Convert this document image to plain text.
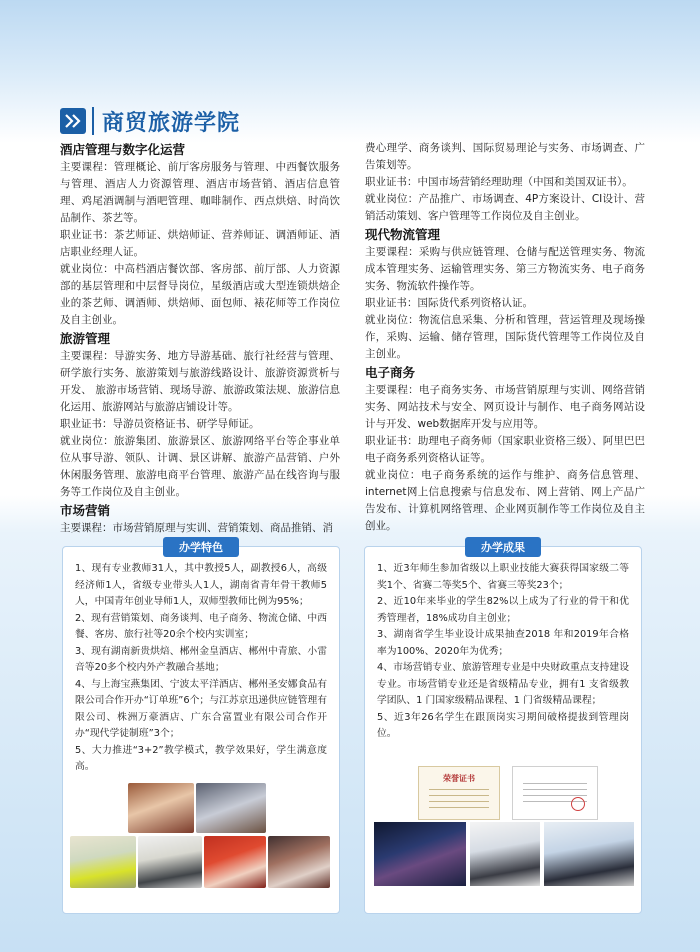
商贸旅游学院
酒店管理与数字化运营

主要课程：管理概论、前厅客房服务与管理、中西餐饮服务与管理、酒店人力资源管理、酒店市场营销、酒店信息管理、鸡尾酒调制与酒吧管理、咖啡制作、西点烘焙、时尚饮品制作、茶艺等。

职业证书：茶艺师证、烘焙师证、营养师证、调酒师证、酒店职业经理人证。

就业岗位：中高档酒店餐饮部、客房部、前厅部、人力资源部的基层管理和中层督导岗位，星级酒店或大型连锁烘焙企业的茶艺师、调酒师、烘焙师、面包师、裱花师等工作岗位及自主创业。

旅游管理

主要课程：导游实务、地方导游基础、旅行社经营与管理、研学旅行实务、旅游策划与旅游线路设计、旅游资源赏析与开发、 旅游市场营销、现场导游、旅游政策法规、旅游信息化运用、旅游网站与旅游店铺设计等。

职业证书：导游员资格证书、研学导师证。

就业岗位：旅游集团、旅游景区、旅游网络平台等企事业单位从事导游、领队、计调、景区讲解、旅游产品营销、户外休闲服务管理、旅游电商平台管理、旅游产品在线咨询与服务等工作岗位及自主创业。

市场营销

主要课程：市场营销原理与实训、营销策划、商品推销、消

费心理学、商务谈判、国际贸易理论与实务、市场调查、广告策划等。

职业证书：中国市场营销经理助理（中国和美国双证书）。

就业岗位：产品推广、市场调查、4P方案设计、CI设计、营销活动策划、客户管理等工作岗位及自主创业。

现代物流管理

主要课程：采购与供应链管理、仓储与配送管理实务、物流成本管理实务、运输管理实务、第三方物流实务、电子商务实务、物流软件操作等。

职业证书：国际货代系列资格认证。

就业岗位：物流信息采集、分析和管理，营运管理及现场操作，采购、运输、储存管理，国际货代管理等工作岗位及自主创业。

电子商务

主要课程：电子商务实务、市场营销原理与实训、网络营销实务、网站技术与安全、网页设计与制作、电子商务网站设计与开发、web数据库开发与应用等。

职业证书：助理电子商务师（国家职业资格三级）、阿里巴巴电子商务系列资格认证等。

就业岗位：电子商务系统的运作与维护、商务信息管理、internet网上信息搜索与信息发布、网上营销、网上产品广告发布、计算机网络管理、企业网页制作等工作岗位及自主创业。

办学特色

1、现有专业教师31人，其中教授5人，副教授6人，高级经济师1人，省级专业带头人1人，湖南省青年骨干教师5人，中国青年创业导师1人，双师型教师比例为95%；

2、现有营销策划、商务谈判、电子商务、物流仓储、中西餐、客房、旅行社等20余个校内实训室；

3、现有湖南新贵烘焙、郴州金皇酒店、郴州中青旅、小雷音等20多个校内外产教融合基地；

4、与上海宝燕集团、宁波太平洋酒店、郴州圣安娜食品有限公司合作开办“订单班”6个；与江苏京迅递供应链管理有限公司、株洲万豪酒店、广东合富置业有限公司合作开办“现代学徒制班”3个；

5、大力推进“3+2”教学模式，教学效果好，学生满意度高。

办学成果

1、近3年师生参加省级以上职业技能大赛获得国家级二等奖1个、省赛二等奖5个、省赛三等奖23个；

2、近10年来毕业的学生82%以上成为了行业的骨干和优秀管理者，18%成功自主创业；

3、湖南省学生毕业设计成果抽查2018 年和2019年合格率为100%、2020年为优秀；

4、市场营销专业、旅游管理专业是中央财政重点支持建设专业。市场营销专业还是省级精品专业，拥有1 支省级教学团队、1 门国家级精品课程、1 门省级精品课程；

5、近3年26名学生在跟顶岗实习期间破格提拔到管理岗位。

荣誉证书
